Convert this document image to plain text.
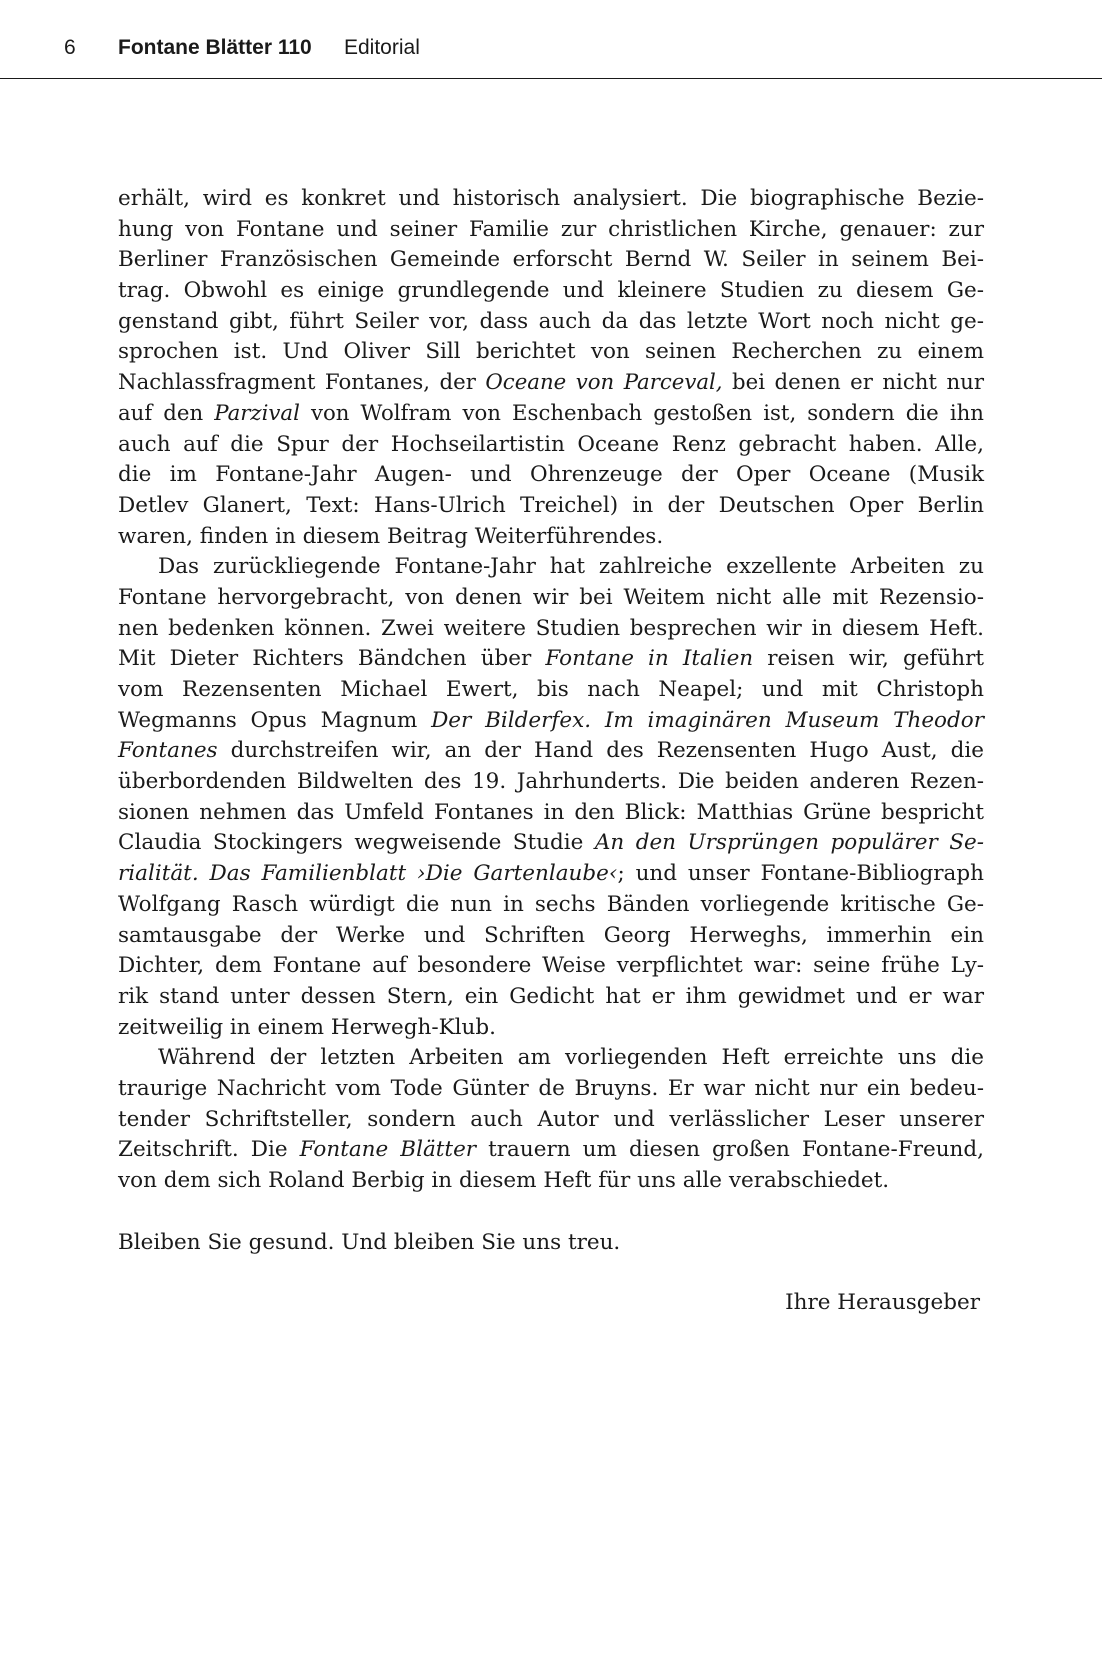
6 Fontane Blätter 110 Editorial
erhält, wird es konkret und historisch analysiert. Die biographische Bezie-
hung von Fontane und seiner Familie zur christlichen Kirche, genauer: zur
Berliner Französischen Gemeinde erforscht Bernd W. Seiler in seinem Bei-
trag. Obwohl es einige grundlegende und kleinere Studien zu diesem Ge-
genstand gibt, führt Seiler vor, dass auch da das letzte Wort noch nicht ge-
sprochen ist. Und Oliver Sill berichtet von seinen Recherchen zu einem
Nachlassfragment Fontanes, der Oceane von Parceval, bei denen er nicht nur
auf den Parzival von Wolfram von Eschenbach gestoßen ist, sondern die ihn
auch auf die Spur der Hochseilartistin Oceane Renz gebracht haben. Alle,
die im Fontane-Jahr Augen- und Ohrenzeuge der Oper Oceane (Musik
Detlev Glanert, Text: Hans-Ulrich Treichel) in der Deutschen Oper Berlin
waren, finden in diesem Beitrag Weiterführendes.
Das zurückliegende Fontane-Jahr hat zahlreiche exzellente Arbeiten zu
Fontane hervorgebracht, von denen wir bei Weitem nicht alle mit Rezensio-
nen bedenken können. Zwei weitere Studien besprechen wir in diesem Heft.
Mit Dieter Richters Bändchen über Fontane in Italien reisen wir, geführt
vom Rezensenten Michael Ewert, bis nach Neapel; und mit Christoph
Wegmanns Opus Magnum Der Bilderfex. Im imaginären Museum Theodor
Fontanes durchstreifen wir, an der Hand des Rezensenten Hugo Aust, die
überbordenden Bildwelten des 19. Jahrhunderts. Die beiden anderen Rezen-
sionen nehmen das Umfeld Fontanes in den Blick: Matthias Grüne bespricht
Claudia Stockingers wegweisende Studie An den Ursprüngen populärer Se-
rialität. Das Familienblatt ›Die Gartenlaube‹; und unser Fontane-Bibliograph
Wolfgang Rasch würdigt die nun in sechs Bänden vorliegende kritische Ge-
samtausgabe der Werke und Schriften Georg Herweghs, immerhin ein
Dichter, dem Fontane auf besondere Weise verpflichtet war: seine frühe Ly-
rik stand unter dessen Stern, ein Gedicht hat er ihm gewidmet und er war
zeitweilig in einem Herwegh-Klub.
Während der letzten Arbeiten am vorliegenden Heft erreichte uns die
traurige Nachricht vom Tode Günter de Bruyns. Er war nicht nur ein bedeu-
tender Schriftsteller, sondern auch Autor und verlässlicher Leser unserer
Zeitschrift. Die Fontane Blätter trauern um diesen großen Fontane-Freund,
von dem sich Roland Berbig in diesem Heft für uns alle verabschiedet.
Bleiben Sie gesund. Und bleiben Sie uns treu.
Ihre Herausgeber
